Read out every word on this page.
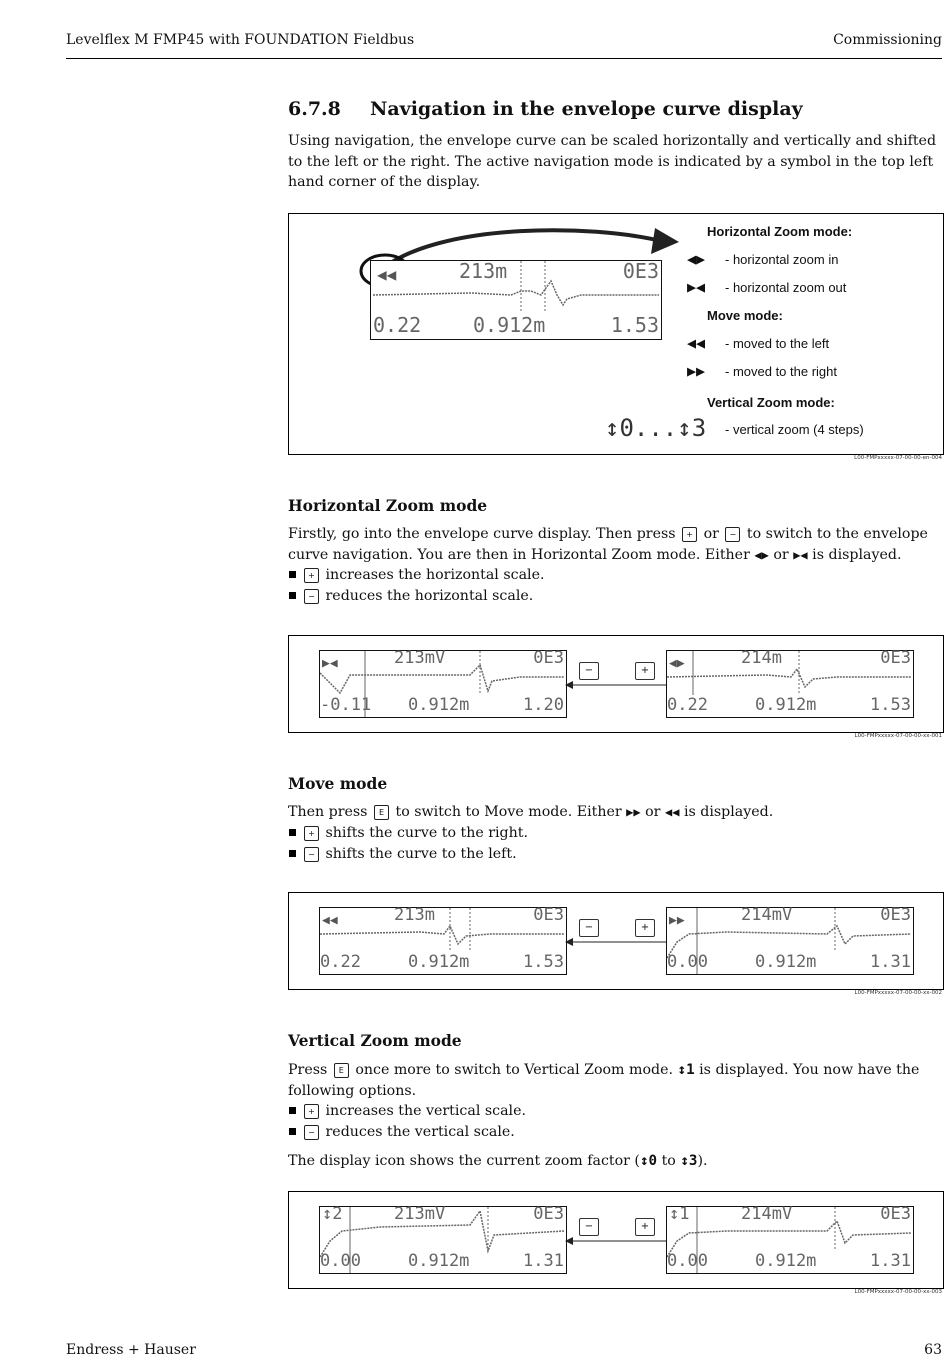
Levelflex M FMP45 with FOUNDATION Fieldbus	Commissioning
6.7.8 Navigation in the envelope curve display
Using navigation, the envelope curve can be scaled horizontally and vertically and shifted to the left or the right. The active navigation mode is indicated by a symbol in the top left hand corner of the display.
◀◀	213m	0E3
0.22	0.912m	1.53
Horizontal Zoom mode:
◀▶ - horizontal zoom in
▶◀ - horizontal zoom out
Move mode:
◀◀ - moved to the left
▶▶ - moved to the right
Vertical Zoom mode:
↕0...↕3 - vertical zoom (4 steps)
L00-FMPxxxxx-07-00-00-en-004
Horizontal Zoom mode
Firstly, go into the envelope curve display. Then press + or − to switch to the envelope curve navigation. You are then in Horizontal Zoom mode. Either ◀▶ or ▶◀ is displayed.
+ increases the horizontal scale.
− reduces the horizontal scale.
▶◀	213mV	0E3
-0.11 0.912m	1.20
−	+	◀▶	214m	0E3
0.22	0.912m	1.53
L00-FMPxxxxx-07-00-00-xx-001
Move mode
Then press E to switch to Move mode. Either ▶▶ or ◀◀ is displayed.
+ shifts the curve to the right.
− shifts the curve to the left.
◀◀	213m	0E3
0.22	0.912m	1.53
−	+	▶▶	214mV	0E3
0.00	0.912m	1.31
L00-FMPxxxxx-07-00-00-xx-002
Vertical Zoom mode
Press E once more to switch to Vertical Zoom mode. ↕1 is displayed. You now have the following options.
+ increases the vertical scale.
− reduces the vertical scale.
The display icon shows the current zoom factor (↕0 to ↕3).
↕2	213mV	0E3
0.00	0.912m	1.31
−	+
↕1	214mV	0E3
0.00	0.912m	1.31
L00-FMPxxxxx-07-00-00-xx-003
Endress + Hauser	63
